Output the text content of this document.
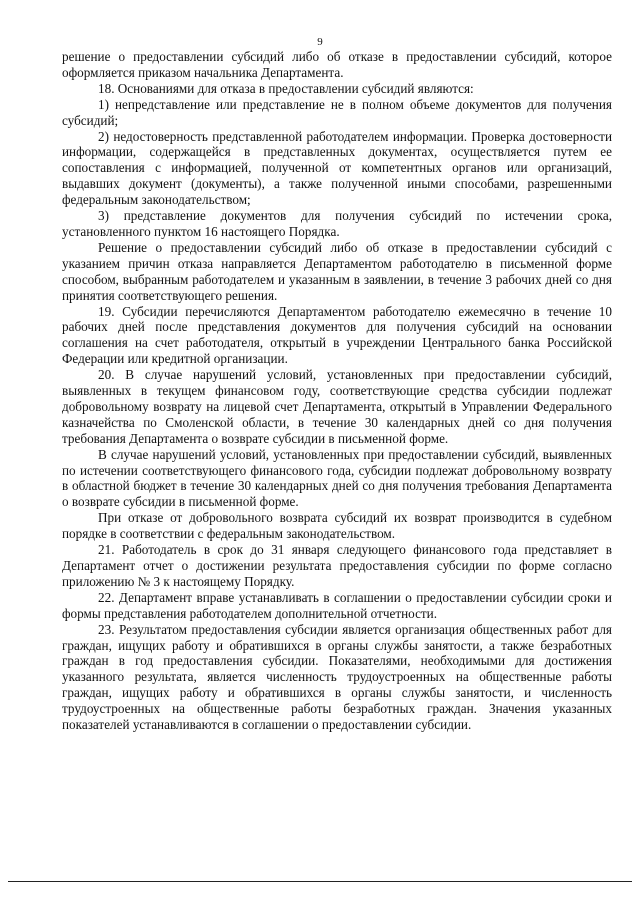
9

решение о предоставлении субсидий либо об отказе в предоставлении субсидий, которое оформляется приказом начальника Департамента.

18. Основаниями для отказа в предоставлении субсидий являются:

1) непредставление или представление не в полном объеме документов для получения субсидий;

2) недостоверность представленной работодателем информации. Проверка достоверности информации, содержащейся в представленных документах, осуществляется путем ее сопоставления с информацией, полученной от компетентных органов или организаций, выдавших документ (документы), а также полученной иными способами, разрешенными федеральным законодательством;

3) представление документов для получения субсидий по истечении срока, установленного пунктом 16 настоящего Порядка.

Решение о предоставлении субсидий либо об отказе в предоставлении субсидий с указанием причин отказа направляется Департаментом работодателю в письменной форме способом, выбранным работодателем и указанным в заявлении, в течение 3 рабочих дней со дня принятия соответствующего решения.

19. Субсидии перечисляются Департаментом работодателю ежемесячно в течение 10 рабочих дней после представления документов для получения субсидий на основании соглашения на счет работодателя, открытый в учреждении Центрального банка Российской Федерации или кредитной организации.

20. В случае нарушений условий, установленных при предоставлении субсидий, выявленных в текущем финансовом году, соответствующие средства субсидии подлежат добровольному возврату на лицевой счет Департамента, открытый в Управлении Федерального казначейства по Смоленской области, в течение 30 календарных дней со дня получения требования Департамента о возврате субсидии в письменной форме.

В случае нарушений условий, установленных при предоставлении субсидий, выявленных по истечении соответствующего финансового года, субсидии подлежат добровольному возврату в областной бюджет в течение 30 календарных дней со дня получения требования Департамента о возврате субсидии в письменной форме.

При отказе от добровольного возврата субсидий их возврат производится в судебном порядке в соответствии с федеральным законодательством.

21. Работодатель в срок до 31 января следующего финансового года представляет в Департамент отчет о достижении результата предоставления субсидии по форме согласно приложению № 3 к настоящему Порядку.

22. Департамент вправе устанавливать в соглашении о предоставлении субсидии сроки и формы представления работодателем дополнительной отчетности.

23. Результатом предоставления субсидии является организация общественных работ для граждан, ищущих работу и обратившихся в органы службы занятости, а также безработных граждан в год предоставления субсидии. Показателями, необходимыми для достижения указанного результата, является численность трудоустроенных на общественные работы граждан, ищущих работу и обратившихся в органы службы занятости, и численность трудоустроенных на общественные работы безработных граждан. Значения указанных показателей устанавливаются в соглашении о предоставлении субсидии.
